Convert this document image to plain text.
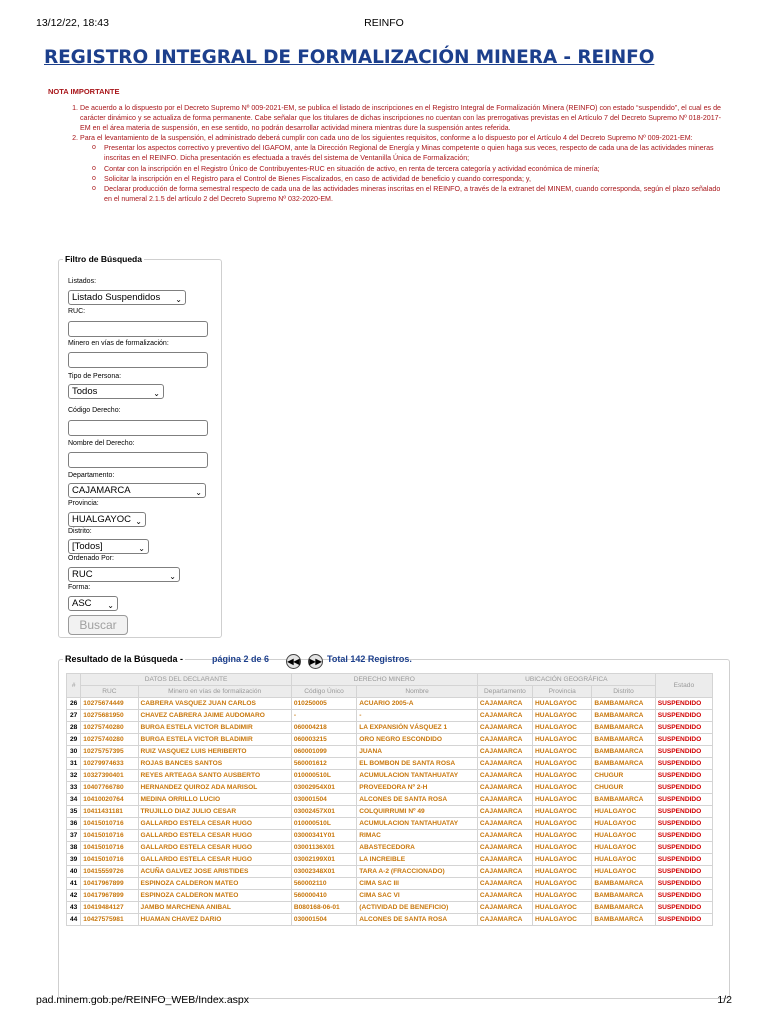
13/12/22, 18:43	REINFO
REGISTRO INTEGRAL DE FORMALIZACIÓN MINERA - REINFO
NOTA IMPORTANTE
1. De acuerdo a lo dispuesto por el Decreto Supremo Nº 009-2021-EM, se publica el listado de inscripciones en el Registro Integral de Formalización Minera (REINFO) con estado “suspendido”, el cual es de carácter dinámico y se actualiza de forma permanente. Cabe señalar que los titulares de dichas inscripciones no cuentan con las prerrogativas previstas en el Artículo 7 del Decreto Supremo Nº 018-2017-EM en el área materia de suspensión, en ese sentido, no podrán desarrollar actividad minera mientras dure la suspensión antes referida.
2. Para el levantamiento de la suspensión, el administrado deberá cumplir con cada uno de los siguientes requisitos, conforme a lo dispuesto por el Artículo 4 del Decreto Supremo Nº 009-2021-EM:
o Presentar los aspectos correctivo y preventivo del IGAFOM, ante la Dirección Regional de Energía y Minas competente o quien haga sus veces, respecto de cada una de las actividades mineras inscritas en el REINFO. Dicha presentación es efectuada a través del sistema de Ventanilla Única de Formalización;
o Contar con la inscripción en el Registro Único de Contribuyentes-RUC en situación de activo, en renta de tercera categoría y actividad económica de minería;
o Solicitar la inscripción en el Registro para el Control de Bienes Fiscalizados, en caso de actividad de beneficio y cuando corresponda; y,
o Declarar producción de forma semestral respecto de cada una de las actividades mineras inscritas en el REINFO, a través de la extranet del MINEM, cuando corresponda, según el plazo señalado en el numeral 2.1.5 del artículo 2 del Decreto Supremo Nº 032-2020-EM.
Filtro de Búsqueda
Listados:
Listado Suspendidos ⌄
RUC:
Minero en vías de formalización:
Tipo de Persona:
Todos	⌄
Código Derecho:
Nombre del Derecho:
Departamento:
CAJAMARCA	⌄
Provincia:
HUALGAYOC ⌄
Distrito:
[Todos]	⌄
Ordenado Por:
RUC	⌄
Forma:
ASC ⌄
Buscar
Resultado de la Búsqueda -	página 2 de 6 ◀◀ ▶▶ Total 142 Registros.
#	DATOS DEL DECLARANTE		DERECHO MINERO		UBICACIÓN GEOGRÁFICA			Estado
	RUC	Minero en vías de formalización	Código Único	Nombre	Departamento	Provincia	Distrito	
26	10275674449	CABRERA VASQUEZ JUAN CARLOS	010250005	ACUARIO 2005-A	CAJAMARCA	HUALGAYOC	BAMBAMARCA	SUSPENDIDO
27	10275681950	CHAVEZ CABRERA JAIME AUDOMARO	-	-	CAJAMARCA	HUALGAYOC	BAMBAMARCA	SUSPENDIDO
28	10275740280	BURGA ESTELA VICTOR BLADIMIR	060004218	LA EXPANSIÓN VÁSQUEZ 1	CAJAMARCA	HUALGAYOC	BAMBAMARCA	SUSPENDIDO
29	10275740280	BURGA ESTELA VICTOR BLADIMIR	060003215	ORO NEGRO ESCONDIDO	CAJAMARCA	HUALGAYOC	BAMBAMARCA	SUSPENDIDO
30	10275757395	RUIZ VASQUEZ LUIS HERIBERTO	060001099	JUANA	CAJAMARCA	HUALGAYOC	BAMBAMARCA	SUSPENDIDO
31	10279974633	ROJAS BANCES SANTOS	560001612	EL BOMBON DE SANTA ROSA	CAJAMARCA	HUALGAYOC	BAMBAMARCA	SUSPENDIDO
32	10327390401	REYES ARTEAGA SANTO AUSBERTO	010000510L	ACUMULACION TANTAHUATAY	CAJAMARCA	HUALGAYOC	CHUGUR	SUSPENDIDO
33	10407766780	HERNANDEZ QUIROZ ADA MARISOL	03002954X01	PROVEEDORA Nº 2-H	CAJAMARCA	HUALGAYOC	CHUGUR	SUSPENDIDO
34	10410020764	MEDINA ORRILLO LUCIO	030001504	ALCONES DE SANTA ROSA	CAJAMARCA	HUALGAYOC	BAMBAMARCA	SUSPENDIDO
35	10411431181	TRUJILLO DIAZ JULIO CESAR	03002457X01	COLQUIRRUMI Nº 49	CAJAMARCA	HUALGAYOC	HUALGAYOC	SUSPENDIDO
36	10415010716	GALLARDO ESTELA CESAR HUGO	010000510L	ACUMULACION TANTAHUATAY	CAJAMARCA	HUALGAYOC	HUALGAYOC	SUSPENDIDO
37	10415010716	GALLARDO ESTELA CESAR HUGO	03000341Y01	RIMAC	CAJAMARCA	HUALGAYOC	HUALGAYOC	SUSPENDIDO
38	10415010716	GALLARDO ESTELA CESAR HUGO	03001136X01	ABASTECEDORA	CAJAMARCA	HUALGAYOC	HUALGAYOC	SUSPENDIDO
39	10415010716	GALLARDO ESTELA CESAR HUGO	03002199X01	LA INCREIBLE	CAJAMARCA	HUALGAYOC	HUALGAYOC	SUSPENDIDO
40	10415559726	ACUÑA GALVEZ JOSE ARISTIDES	03002348X01	TARA A-2 (FRACCIONADO)	CAJAMARCA	HUALGAYOC	HUALGAYOC	SUSPENDIDO
41	10417967899	ESPINOZA CALDERON MATEO	560002110	CIMA SAC III	CAJAMARCA	HUALGAYOC	BAMBAMARCA	SUSPENDIDO
42	10417967899	ESPINOZA CALDERON MATEO	560000410	CIMA SAC VI	CAJAMARCA	HUALGAYOC	BAMBAMARCA	SUSPENDIDO
43	10419484127	JAMBO MARCHENA ANIBAL	B080168-06-01	(ACTIVIDAD DE BENEFICIO)	CAJAMARCA	HUALGAYOC	BAMBAMARCA	SUSPENDIDO
44	10427575981	HUAMAN CHAVEZ DARIO	030001504	ALCONES DE SANTA ROSA	CAJAMARCA	HUALGAYOC	BAMBAMARCA	SUSPENDIDO
pad.minem.gob.pe/REINFO_WEB/Index.aspx	1/2
